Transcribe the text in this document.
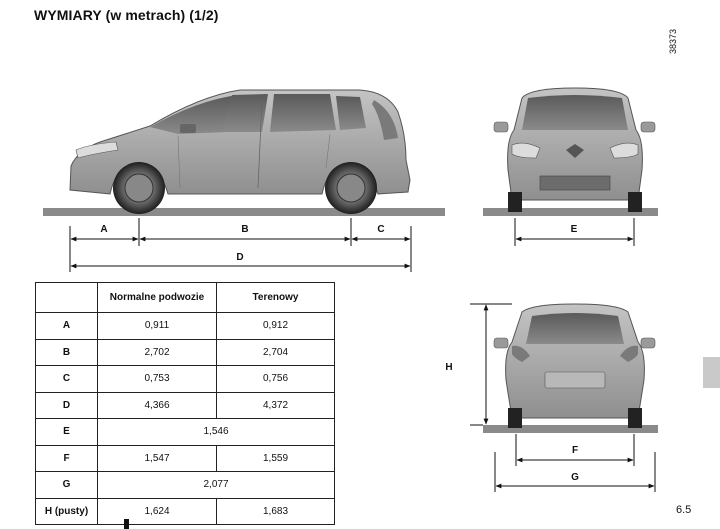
WYMIARY (w metrach) (1/2)
38373
A	B	C
D
E
H
F
G
	Normalne podwozie	Terenowy
A	0,911	0,912
B	2,702	2,704
C	0,753	0,756
D	4,366	4,372
E	1,546	
F	1,547	1,559
G	2,077	
H (pusty)	1,624	1,683	6.5
